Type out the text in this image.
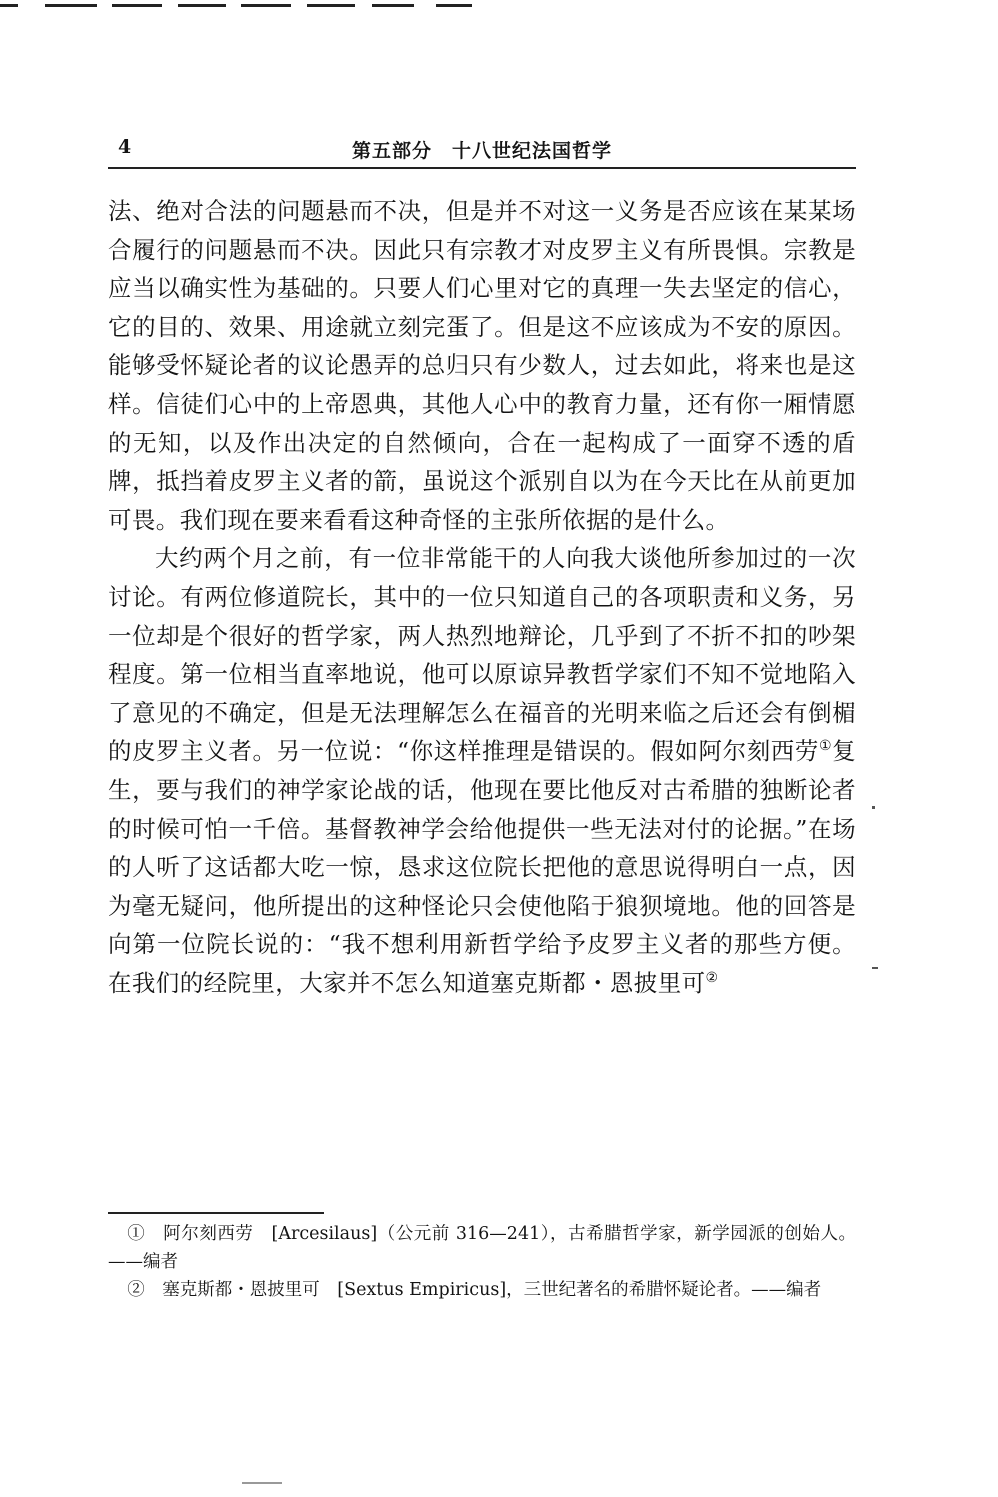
4	第五部分　十八世纪法国哲学

法、绝对合法的问题悬而不决，但是并不对这一义务是否应该在某某场合履行的问题悬而不决。因此只有宗教才对皮罗主义有所畏惧。宗教是应当以确实性为基础的。只要人们心里对它的真理一失去坚定的信心，它的目的、效果、用途就立刻完蛋了。但是这不应该成为不安的原因。能够受怀疑论者的议论愚弄的总归只有少数人，过去如此，将来也是这样。信徒们心中的上帝恩典，其他人心中的教育力量，还有你一厢情愿的无知，以及作出决定的自然倾向，合在一起构成了一面穿不透的盾牌，抵挡着皮罗主义者的箭，虽说这个派别自以为在今天比在从前更加可畏。我们现在要来看看这种奇怪的主张所依据的是什么。

大约两个月之前，有一位非常能干的人向我大谈他所参加过的一次讨论。有两位修道院长，其中的一位只知道自己的各项职责和义务，另一位却是个很好的哲学家，两人热烈地辩论，几乎到了不折不扣的吵架程度。第一位相当直率地说，他可以原谅异教哲学家们不知不觉地陷入了意见的不确定，但是无法理解怎么在福音的光明来临之后还会有倒楣的皮罗主义者。另一位说：“你这样推理是错误的。假如阿尔刻西劳①复生，要与我们的神学家论战的话，他现在要比他反对古希腊的独断论者的时候可怕一千倍。基督教神学会给他提供一些无法对付的论据。”在场的人听了这话都大吃一惊，恳求这位院长把他的意思说得明白一点，因为毫无疑问，他所提出的这种怪论只会使他陷于狼狈境地。他的回答是向第一位院长说的：“我不想利用新哲学给予皮罗主义者的那些方便。在我们的经院里，大家并不怎么知道塞克斯都・恩披里可②

①　阿尔刻西劳　[Arcesilaus]（公元前 316—241），古希腊哲学家，新学园派的创始人。——编者

②　塞克斯都・恩披里可　[Sextus Empiricus]，三世纪著名的希腊怀疑论者。——编者
